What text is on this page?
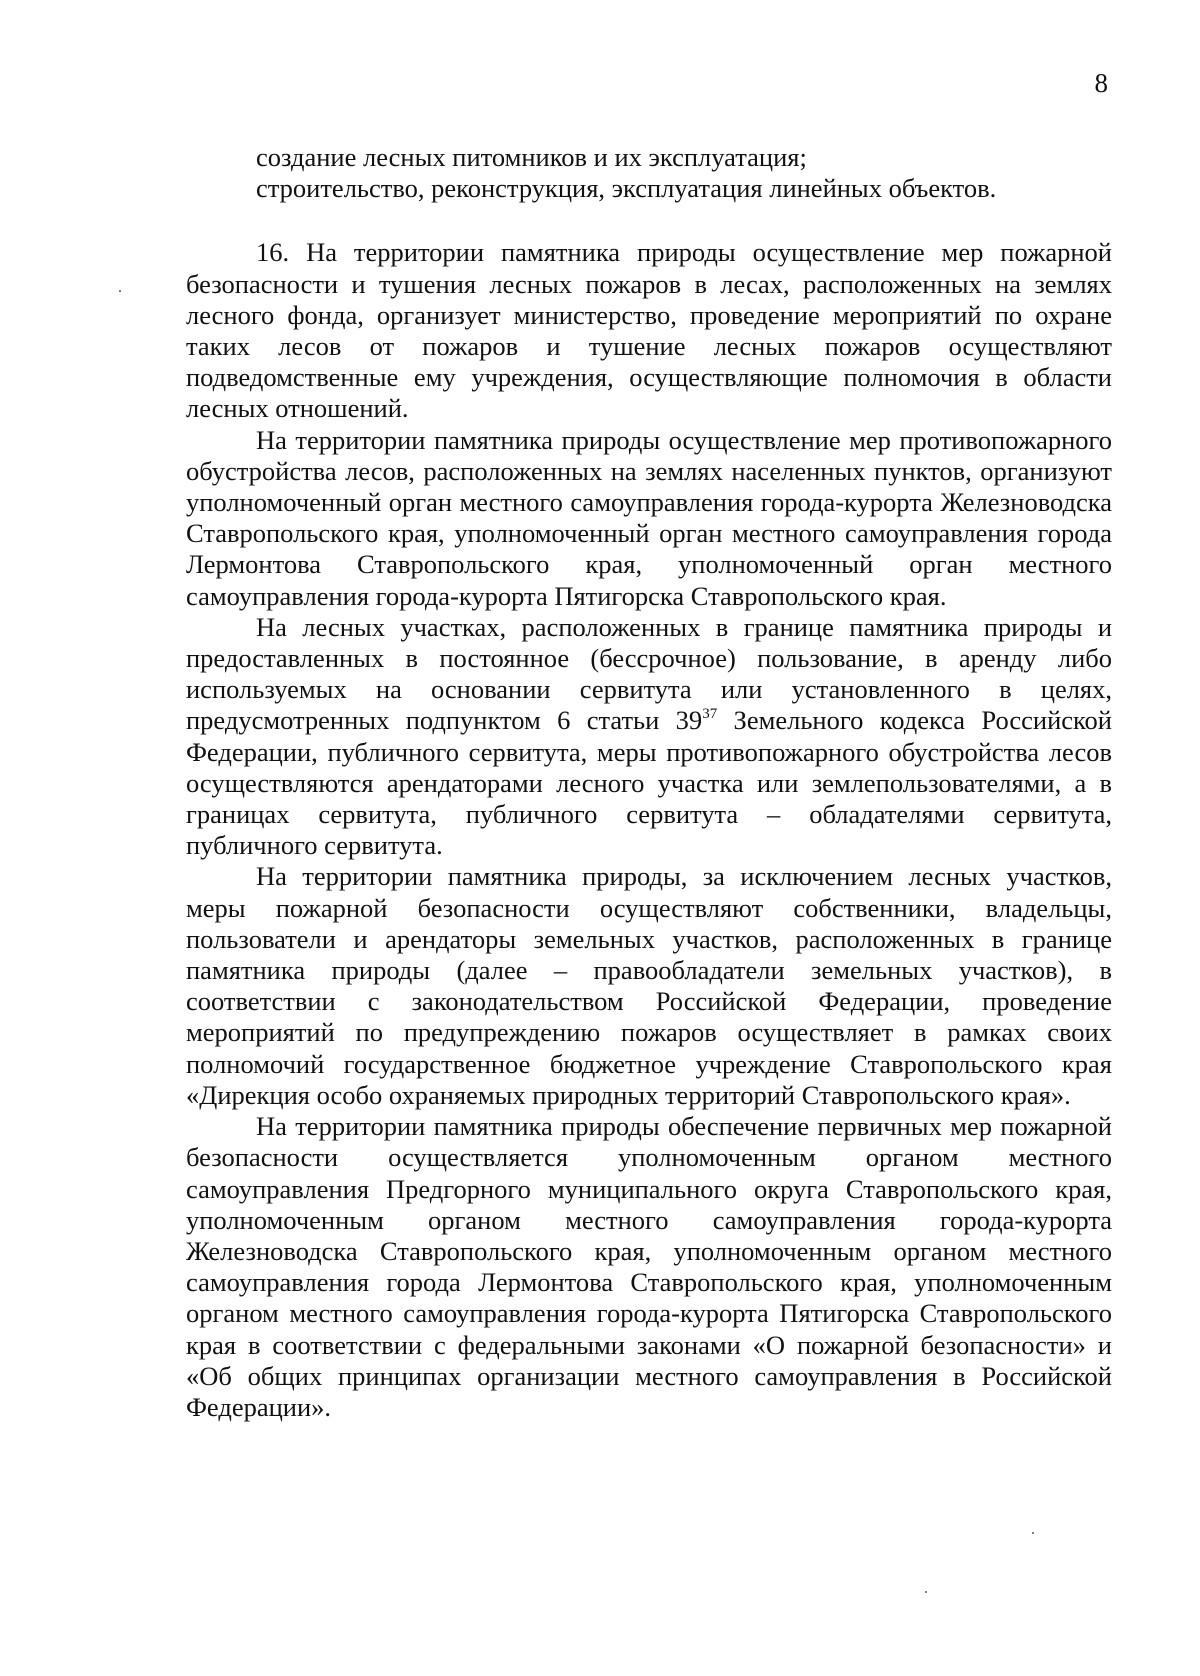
8

создание лесных питомников и их эксплуатация;

строительство, реконструкция, эксплуатация линейных объектов.

16. На территории памятника природы осуществление мер пожарной безопасности и тушения лесных пожаров в лесах, расположенных на землях лесного фонда, организует министерство, проведение мероприятий по охране таких лесов от пожаров и тушение лесных пожаров осуществляют подведомственные ему учреждения, осуществляющие полномочия в области лесных отношений.

На территории памятника природы осуществление мер противопожарного обустройства лесов, расположенных на землях населенных пунктов, организуют уполномоченный орган местного самоуправления города-курорта Железноводска Ставропольского края, уполномоченный орган местного самоуправления города Лермонтова Ставропольского края, уполномоченный орган местного самоуправления города-курорта Пятигорска Ставропольского края.

На лесных участках, расположенных в границе памятника природы и предоставленных в постоянное (бессрочное) пользование, в аренду либо используемых на основании сервитута или установленного в целях, предусмотренных подпунктом 6 статьи $39^{37}$ Земельного кодекса Российской Федерации, публичного сервитута, меры противопожарного обустройства лесов осуществляются арендаторами лесного участка или землепользователями, а в границах сервитута, публичного сервитута – обладателями сервитута, публичного сервитута.

На территории памятника природы, за исключением лесных участков, меры пожарной безопасности осуществляют собственники, владельцы, пользователи и арендаторы земельных участков, расположенных в границе памятника природы (далее – правообладатели земельных участков), в соответствии с законодательством Российской Федерации, проведение мероприятий по предупреждению пожаров осуществляет в рамках своих полномочий государственное бюджетное учреждение Ставропольского края «Дирекция особо охраняемых природных территорий Ставропольского края».

На территории памятника природы обеспечение первичных мер пожарной безопасности осуществляется уполномоченным органом местного самоуправления Предгорного муниципального округа Ставропольского края, уполномоченным органом местного самоуправления города-курорта Железноводска Ставропольского края, уполномоченным органом местного самоуправления города Лермонтова Ставропольского края, уполномоченным органом местного самоуправления города-курорта Пятигорска Ставропольского края в соответствии с федеральными законами «О пожарной безопасности» и «Об общих принципах организации местного самоуправления в Российской Федерации».
